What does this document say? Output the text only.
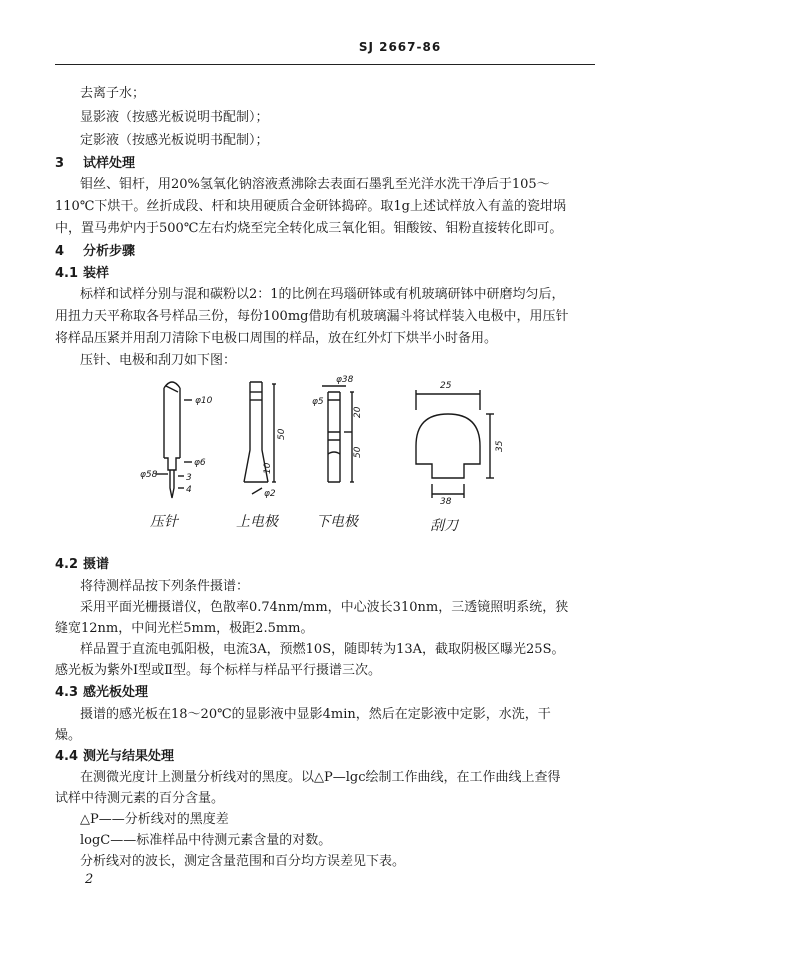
SJ 2667-86
去离子水；
显影液（按感光板说明书配制）；
定影液（按感光板说明书配制）；
3 试样处理
钼丝、钼杆，用20%氢氧化钠溶液煮沸除去表面石墨乳至光洋水洗干净后于105～
110℃下烘干。丝折成段、杆和块用硬质合金研钵捣碎。取1g上述试样放入有盖的瓷坩埚
中，置马弗炉内于500℃左右灼烧至完全转化成三氧化钼。钼酸铵、钼粉直接转化即可。
4 分析步骤
4.1 装样
标样和试样分别与混和碳粉以2：1的比例在玛瑙研钵或有机玻璃研钵中研磨均匀后，
用扭力天平称取各号样品三份，每份100mg借助有机玻璃漏斗将试样装入电极中，用压针
将样品压紧并用刮刀清除下电极口周围的样品，放在红外灯下烘半小时备用。
压针、电极和刮刀如下图：
φ10
φ6
φ58	3
4
50
10
φ2
φ38
φ5
50
20
25
35
38
压针	上电极	下电极	刮刀
4.2 摄谱
将待测样品按下列条件摄谱：
采用平面光栅摄谱仪，色散率0.74nm/mm，中心波长310nm，三透镜照明系统，狭
缝宽12nm，中间光栏5mm，极距2.5mm。
样品置于直流电弧阳极，电流3A，预燃10S，随即转为13A，截取阴极区曝光25S。
感光板为紫外Ⅰ型或Ⅱ型。每个标样与样品平行摄谱三次。
4.3 感光板处理
摄谱的感光板在18～20℃的显影液中显影4min，然后在定影液中定影，水洗，干
燥。
4.4 测光与结果处理
在测微光度计上测量分析线对的黑度。以△P—lgc绘制工作曲线，在工作曲线上查得
试样中待测元素的百分含量。
△P——分析线对的黑度差
logC——标准样品中待测元素含量的对数。
分析线对的波长，测定含量范围和百分均方误差见下表。
2
